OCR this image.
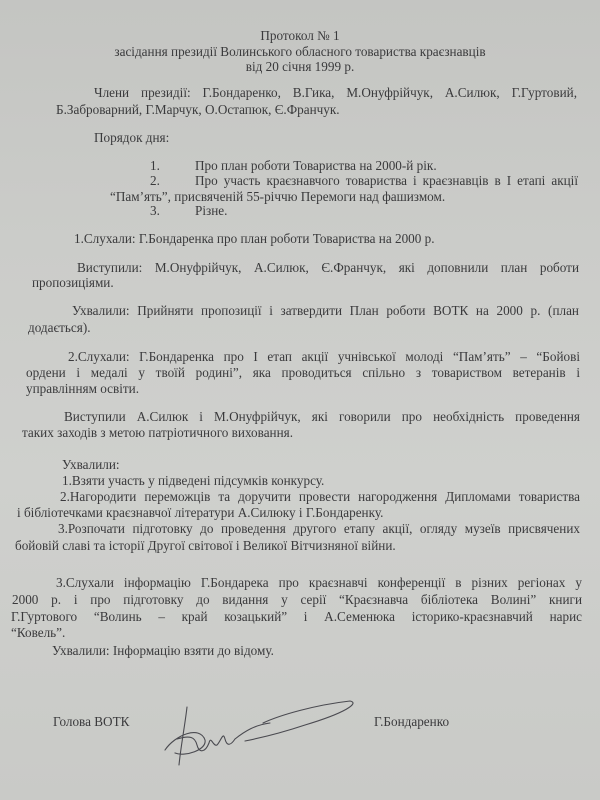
Протокол № 1
засідання президії Волинського обласного товариства краєзнавців
від 20 січня 1999 р.
Члени президії: Г.Бондаренко, В.Гика, М.Онуфрійчук, А.Силюк, Г.Гуртовий,
Б.Заброварний, Г.Марчук, О.Остапюк, Є.Франчук.
Порядок дня:
1.	Про план роботи Товариства на 2000-й рік.
2.	Про участь краєзнавчого товариства і краєзнавців в І етапі акції
“Пам’ять”, присвяченій 55-річчю Перемоги над фашизмом.
3.	Різне.
1.Слухали: Г.Бондаренка про план роботи Товариства на 2000 р.
Виступили: М.Онуфрійчук, А.Силюк, Є.Франчук, які доповнили план роботи
пропозиціями.
Ухвалили: Прийняти пропозиції і затвердити План роботи ВОТК на 2000 р. (план
додається).
2.Слухали: Г.Бондаренка про І етап акції учнівської молоді “Пам’ять” – “Бойові
ордени і медалі у твоїй родині”, яка проводиться спільно з товариством ветеранів і
управлінням освіти.
Виступили А.Силюк і М.Онуфрійчук, які говорили про необхідність проведення
таких заходів з метою патріотичного виховання.
Ухвалили:
1.Взяти участь у підведені підсумків конкурсу.
2.Нагородити переможців та доручити провести нагородження Дипломами товариства
і бібліотечками краєзнавчої літератури А.Силюку і Г.Бондаренку.
3.Розпочати підготовку до проведення другого етапу акції, огляду музеїв присвячених
бойовій славі та історії Другої світової і Великої Вітчизняної війни.
3.Слухали інформацію Г.Бондарека про краєзнавчі конференції в різних регіонах у
2000 р. і про підготовку до видання у серії “Краєзнавча бібліотека Волині” книги
Г.Гуртового “Волинь – край козацький” і А.Семенюка історико-краєзнавчий нарис
“Ковель”.
Ухвалили: Інформацію взяти до відому.
Голова ВОТК	Г.Бондаренко
